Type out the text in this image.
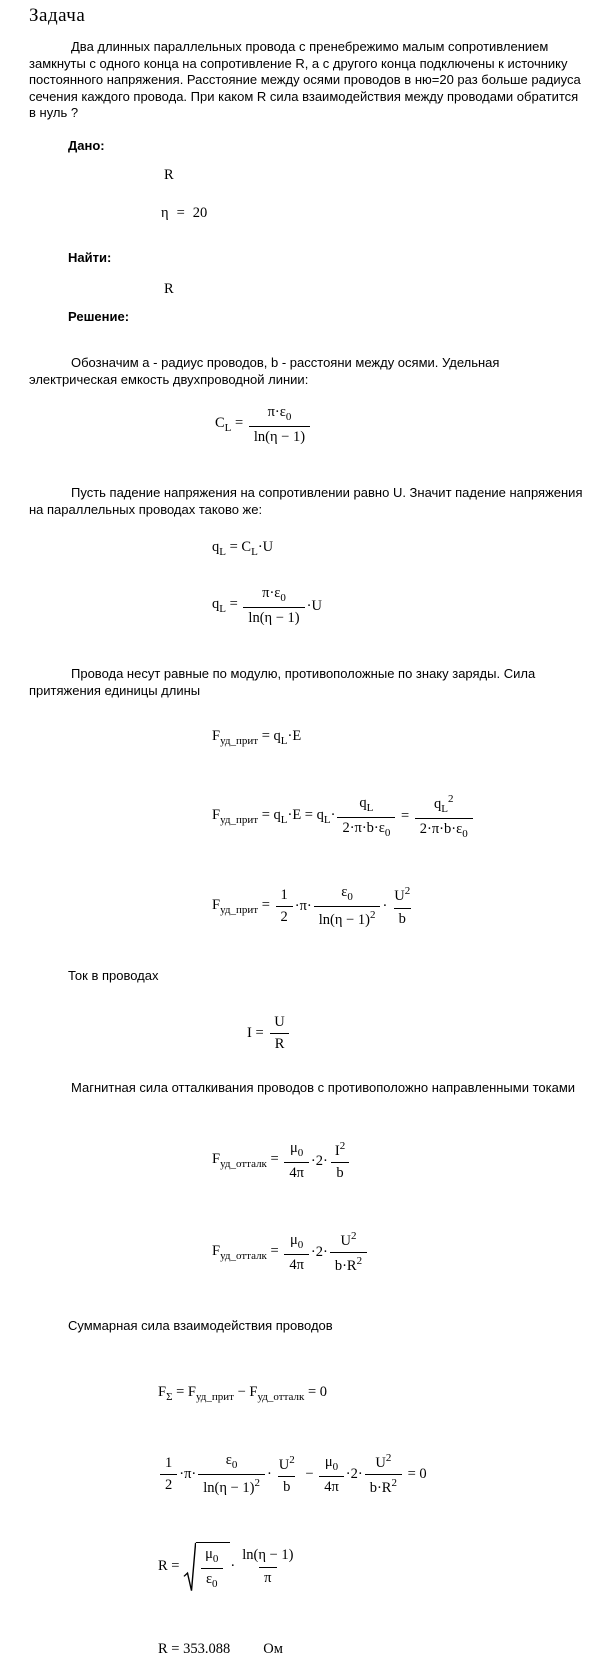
Задача

Два длинных параллельных провода с пренебрежимо малым сопротивлением замкнуты с одного конца на сопротивление R, а с другого конца подключены к источнику постоянного напряжения. Расстояние между осями проводов в ню=20 раз больше радиуса сечения каждого провода. При каком R сила взаимодействия между проводами обратится в нуль ?

Дано:
R
η = 20
Найти:
R
Решение:

Обозначим a - радиус проводов, b - расстояни между осями. Удельная электрическая емкость двухпроводной линии:

$C_L = \frac{\pi\cdot\varepsilon_0}{\ln(\eta - 1)}$

Пусть падение напряжения на сопротивлении равно U. Значит падение напряжения на параллельных проводах таково же:

$q_L = C_L\cdot U$
$q_L = \frac{\pi\cdot\varepsilon_0}{\ln(\eta - 1)} \cdot U$

Провода несут равные по модулю, противоположные по знаку заряды. Сила притяжения единицы длины

$F_{уд\_прит} = q_L\cdot E$
$F_{уд\_прит} = q_L\cdot E = q_L\cdot \frac{q_L}{2\cdot\pi\cdot b\cdot\varepsilon_0} = \frac{q_L^2}{2\cdot\pi\cdot b\cdot\varepsilon_0}$
$F_{уд\_прит} = \frac{1}{2} \cdot\pi\cdot \frac{\varepsilon_0}{\ln(\eta - 1)^2} \cdot \frac{U^2}{b}$

Ток в проводах

$I = \frac{U}{R}$

Магнитная сила отталкивания проводов с противоположно направленными токами

$F_{уд\_отталк} = \frac{\mu_0}{4\pi} \cdot 2\cdot \frac{I^2}{b}$
$F_{уд\_отталк} = \frac{\mu_0}{4\pi} \cdot 2\cdot \frac{U^2}{b\cdot R^2}$

Суммарная сила взаимодействия проводов

$F_\Sigma = F_{уд\_прит} - F_{уд\_отталк} = 0$
$\frac{1}{2} \cdot\pi\cdot \frac{\varepsilon_0}{\ln(\eta - 1)^2} \cdot \frac{U^2}{b} - \frac{\mu_0}{4\pi} \cdot 2\cdot \frac{U^2}{b\cdot R^2} = 0$
$R = \frac{\mu_0}{\varepsilon_0} \cdot \frac{\ln(\eta - 1)}{\pi}$
R = 353.088 Ом
